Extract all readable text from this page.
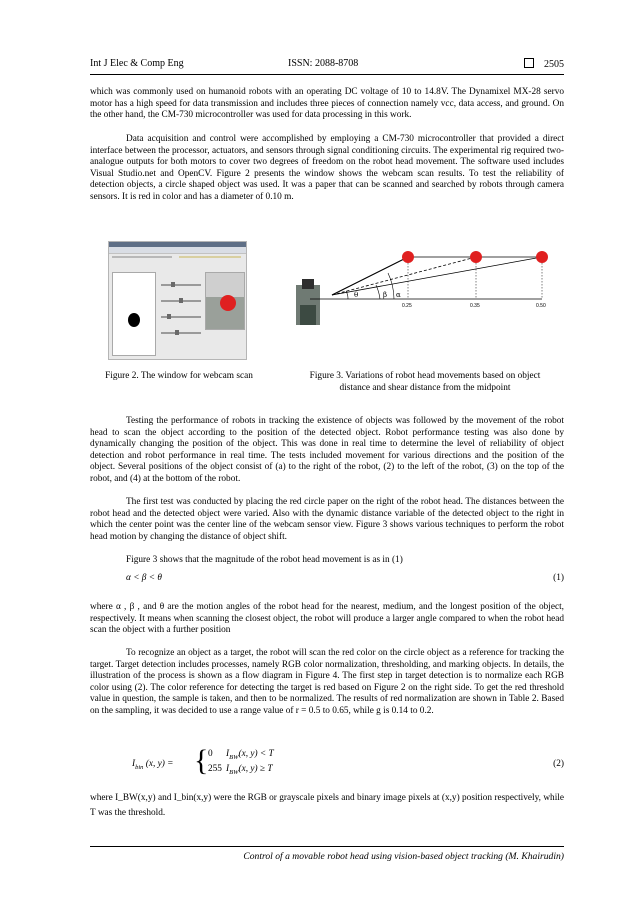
Int J Elec & Comp Eng	ISSN: 2088-8708	2505

which was commonly used on humanoid robots with an operating DC voltage of 10 to 14.8V. The Dynamixel MX-28 servo motor has a high speed for data transmission and includes three pieces of connection namely vcc, data access, and ground. On the other hand, the CM-730 microcontroller was used for data processing in this work.

Data acquisition and control were accomplished by employing a CM-730 microcontroller that provided a direct interface between the processor, actuators, and sensors through signal conditioning circuits. The experimental rig required two-analogue outputs for both motors to cover two degrees of freedom on the robot head movement. The software used includes Visual Studio.net and OpenCV. Figure 2 presents the window shows the webcam scan results. To test the reliability of detection objects, a circle shaped object was used. It was a paper that can be scanned and searched by robots through camera sensors. It is red in color and has a diameter of 0.10 m.

Figure 2. The window for webcam scan
θ	β α
0.25	0.35	0.50
Figure 3. Variations of robot head movements based on object
distance and shear distance from the midpoint

Testing the performance of robots in tracking the existence of objects was followed by the movement of the robot head to scan the object according to the position of the detected object. Robot performance testing was also done by dynamically changing the position of the object. This was done in real time to determine the level of reliability of object detection and robot performance in real time. The tests included movement for various directions and the position of the object. Several positions of the object consist of (a) to the right of the robot, (2) to the left of the robot, (3) on the top of the robot, and (4) at the bottom of the robot.

The first test was conducted by placing the red circle paper on the right of the robot head. The distances between the robot head and the detected object were varied. Also with the dynamic distance variable of the detected object to the right in which the center point was the center line of the webcam sensor view. Figure 3 shows various techniques to perform the robot head motion by changing the distance of object shift.

Figure 3 shows that the magnitude of the robot head movement is as in (1)

α < β < θ	(1)

where α , β , and θ are the motion angles of the robot head for the nearest, medium, and the longest position of the object, respectively. It means when scanning the closest object, the robot will produce a larger angle compared to when the robot head scan the object with a further position

To recognize an object as a target, the robot will scan the red color on the circle object as a reference for tracking the target. Target detection includes processes, namely RGB color normalization, thresholding, and marking objects. In details, the illustration of the process is shown as a flow diagram in Figure 4. The first step in target detection is to normalize each RGB color using (2). The color reference for detecting the target is red based on Figure 2 on the right side. To get the red threshold value in question, the sample is taken, and then to be normalized. The results of red normalization are shown in Table 2. Based on the sampling, it was decided to use a range value of r = 0.5 to 0.65, while g is 0.14 to 0.2.

$I_{bin}$ (x, y) = { 0 $I_{BW}(x$, y) < T
255 $I_{BW}(x$, y) ≥ T	(2)

where I_BW(x,y) and I_bin(x,y) were the RGB or grayscale pixels and binary image pixels at (x,y) position respectively, while T was the threshold.

Control of a movable robot head using vision-based object tracking (M. Khairudin)
